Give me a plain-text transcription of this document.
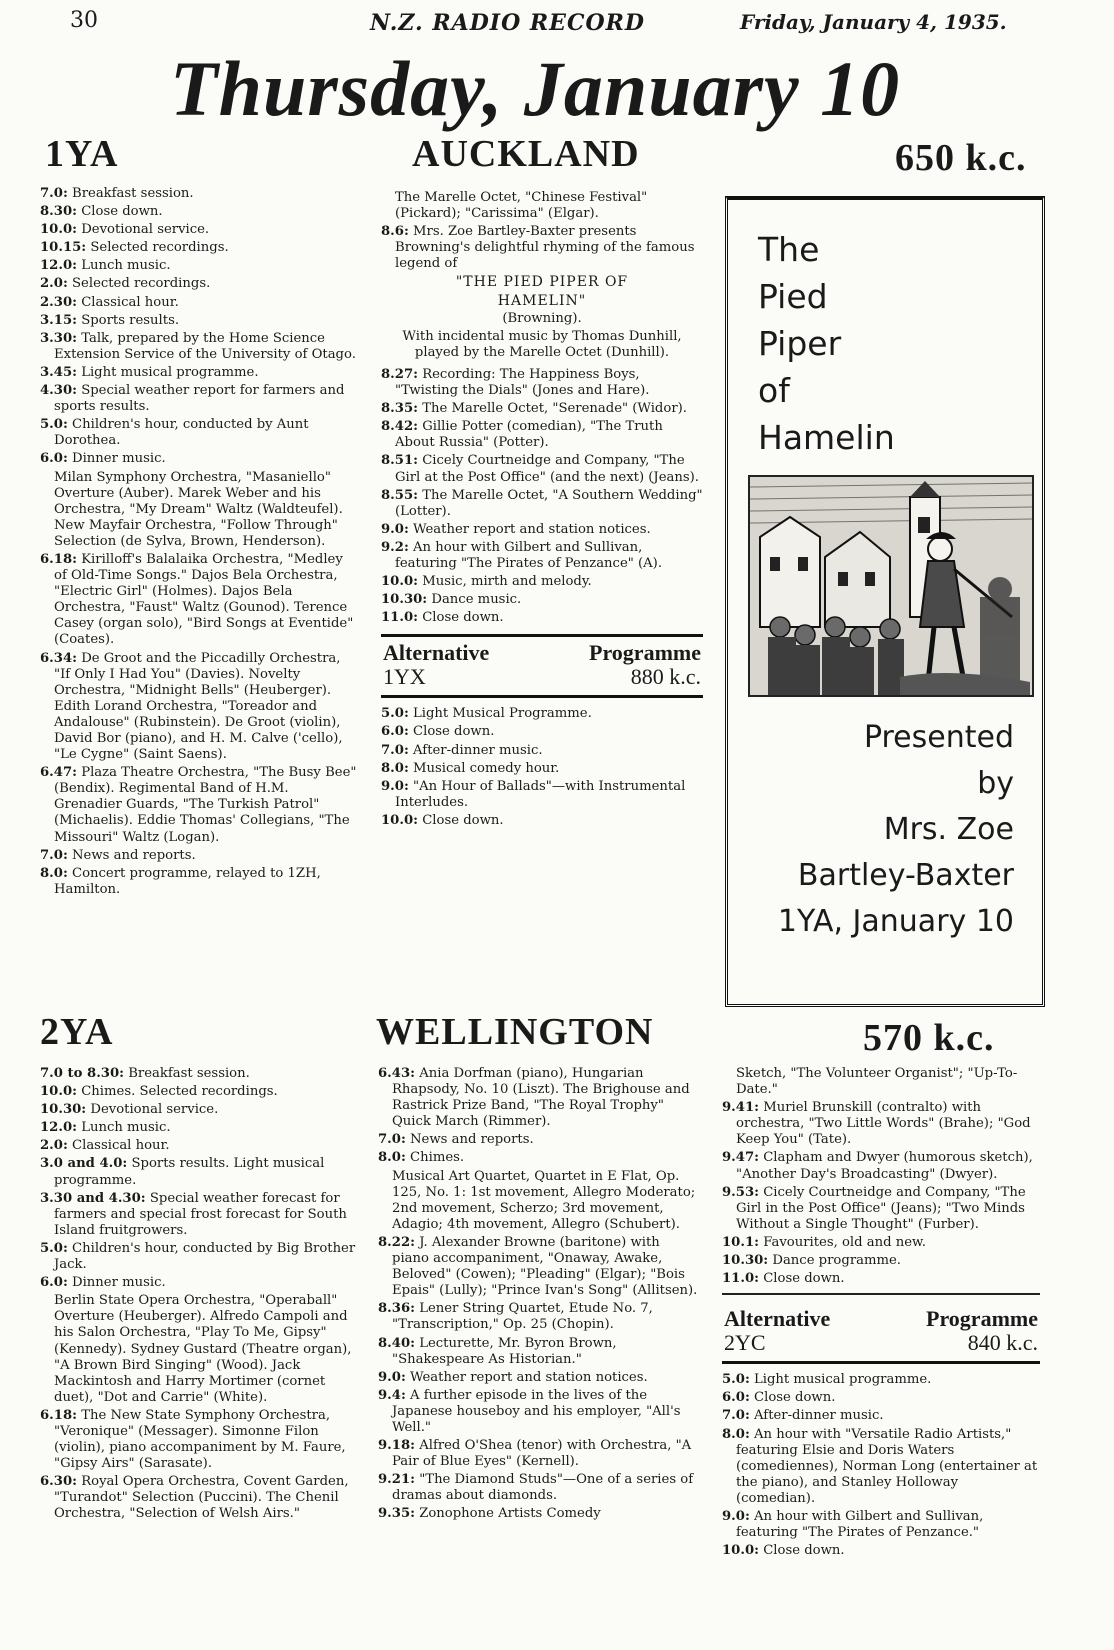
30	N.Z. RADIO RECORD	Friday, January 4, 1935.
Thursday, January 10
1YA	AUCKLAND	650 k.c.
7.0: Breakfast session.
8.30: Close down.
10.0: Devotional service.
10.15: Selected recordings.
12.0: Lunch music.
2.0: Selected recordings.
2.30: Classical hour.
3.15: Sports results.
3.30: Talk, prepared by the Home Science Extension Service of the University of Otago.
3.45: Light musical programme.
4.30: Special weather report for farmers and sports results.
5.0: Children's hour, conducted by Aunt Dorothea.
6.0: Dinner music.
Milan Symphony Orchestra, "Masaniello" Overture (Auber). Marek Weber and his Orchestra, "My Dream" Waltz (Waldteufel). New Mayfair Orchestra, "Follow Through" Selection (de Sylva, Brown, Henderson).
6.18: Kirilloff's Balalaika Orchestra, "Medley of Old-Time Songs." Dajos Bela Orchestra, "Electric Girl" (Holmes). Dajos Bela Orchestra, "Faust" Waltz (Gounod). Terence Casey (organ solo), "Bird Songs at Eventide" (Coates).
6.34: De Groot and the Piccadilly Orchestra, "If Only I Had You" (Davies). Novelty Orchestra, "Midnight Bells" (Heuberger). Edith Lorand Orchestra, "Toreador and Andalouse" (Rubinstein). De Groot (violin), David Bor (piano), and H. M. Calve ('cello), "Le Cygne" (Saint Saens).
6.47: Plaza Theatre Orchestra, "The Busy Bee" (Bendix). Regimental Band of H.M. Grenadier Guards, "The Turkish Patrol" (Michaelis). Eddie Thomas' Collegians, "The Missouri" Waltz (Logan).
7.0: News and reports.
8.0: Concert programme, relayed to 1ZH, Hamilton.
The Marelle Octet, "Chinese Festival" (Pickard); "Carissima" (Elgar).
8.6: Mrs. Zoe Bartley-Baxter presents Browning's delightful rhyming of the famous legend of
"THE PIED PIPER OF
HAMELIN"
(Browning).
With incidental music by Thomas Dunhill, played by the Marelle Octet (Dunhill).
8.27: Recording: The Happiness Boys, "Twisting the Dials" (Jones and Hare).
8.35: The Marelle Octet, "Serenade" (Widor).
8.42: Gillie Potter (comedian), "The Truth About Russia" (Potter).
8.51: Cicely Courtneidge and Company, "The Girl at the Post Office" (and the next) (Jeans).
8.55: The Marelle Octet, "A Southern Wedding" (Lotter).
9.0: Weather report and station notices.
9.2: An hour with Gilbert and Sullivan, featuring "The Pirates of Penzance" (A).
10.0: Music, mirth and melody.
10.30: Dance music.
11.0: Close down.
Alternative	Programme
1YX	880 k.c.
5.0: Light Musical Programme.
6.0: Close down.
7.0: After-dinner music.
8.0: Musical comedy hour.
9.0: "An Hour of Ballads"—with Instrumental Interludes.
10.0: Close down.
The
Pied
Piper
of
Hamelin
Presented
by
Mrs. Zoe
Bartley-Baxter
1YA, January 10
2YA	WELLINGTON	570 k.c.
7.0 to 8.30: Breakfast session.
10.0: Chimes. Selected recordings.
10.30: Devotional service.
12.0: Lunch music.
2.0: Classical hour.
3.0 and 4.0: Sports results. Light musical programme.
3.30 and 4.30: Special weather forecast for farmers and special frost forecast for South Island fruitgrowers.
5.0: Children's hour, conducted by Big Brother Jack.
6.0: Dinner music.
Berlin State Opera Orchestra, "Operaball" Overture (Heuberger). Alfredo Campoli and his Salon Orchestra, "Play To Me, Gipsy" (Kennedy). Sydney Gustard (Theatre organ), "A Brown Bird Singing" (Wood). Jack Mackintosh and Harry Mortimer (cornet duet), "Dot and Carrie" (White).
6.18: The New State Symphony Orchestra, "Veronique" (Messager). Simonne Filon (violin), piano accompaniment by M. Faure, "Gipsy Airs" (Sarasate).
6.30: Royal Opera Orchestra, Covent Garden, "Turandot" Selection (Puccini). The Chenil Orchestra, "Selection of Welsh Airs."
6.43: Ania Dorfman (piano), Hungarian Rhapsody, No. 10 (Liszt). The Brighouse and Rastrick Prize Band, "The Royal Trophy" Quick March (Rimmer).
7.0: News and reports.
8.0: Chimes.
Musical Art Quartet, Quartet in E Flat, Op. 125, No. 1: 1st movement, Allegro Moderato; 2nd movement, Scherzo; 3rd movement, Adagio; 4th movement, Allegro (Schubert).
8.22: J. Alexander Browne (baritone) with piano accompaniment, "Onaway, Awake, Beloved" (Cowen); "Pleading" (Elgar); "Bois Epais" (Lully); "Prince Ivan's Song" (Allitsen).
8.36: Lener String Quartet, Etude No. 7, "Transcription," Op. 25 (Chopin).
8.40: Lecturette, Mr. Byron Brown, "Shakespeare As Historian."
9.0: Weather report and station notices.
9.4: A further episode in the lives of the Japanese houseboy and his employer, "All's Well."
9.18: Alfred O'Shea (tenor) with Orchestra, "A Pair of Blue Eyes" (Kernell).
9.21: "The Diamond Studs"—One of a series of dramas about diamonds.
9.35: Zonophone Artists Comedy
Sketch, "The Volunteer Organist"; "Up-To-Date."
9.41: Muriel Brunskill (contralto) with orchestra, "Two Little Words" (Brahe); "God Keep You" (Tate).
9.47: Clapham and Dwyer (humorous sketch), "Another Day's Broadcasting" (Dwyer).
9.53: Cicely Courtneidge and Company, "The Girl in the Post Office" (Jeans); "Two Minds Without a Single Thought" (Furber).
10.1: Favourites, old and new.
10.30: Dance programme.
11.0: Close down.
Alternative	Programme
2YC	840 k.c.
5.0: Light musical programme.
6.0: Close down.
7.0: After-dinner music.
8.0: An hour with "Versatile Radio Artists," featuring Elsie and Doris Waters (comediennes), Norman Long (entertainer at the piano), and Stanley Holloway (comedian).
9.0: An hour with Gilbert and Sullivan, featuring "The Pirates of Penzance."
10.0: Close down.
